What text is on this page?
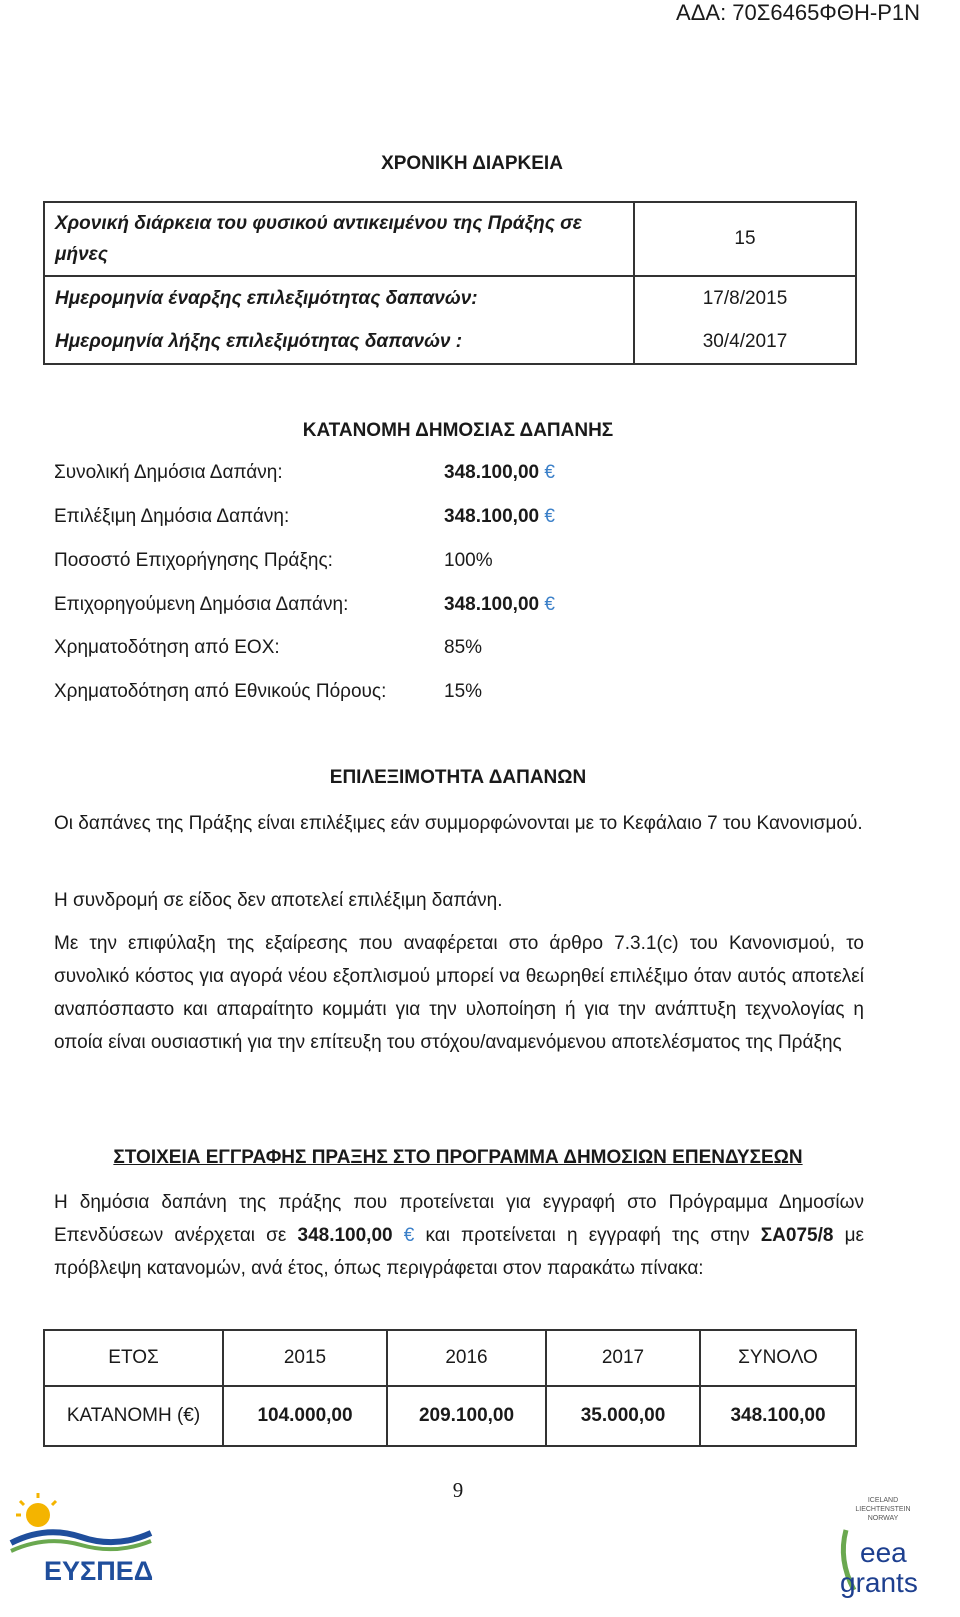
ΑΔΑ: 70Σ6465ΦΘΗ-Ρ1Ν
ΧΡΟΝΙΚΗ ΔΙΑΡΚΕΙΑ
Χρονική διάρκεια του φυσικού αντικειμένου της Πράξης σε μήνες	15
Ημερομηνία έναρξης επιλεξιμότητας δαπανών:	17/8/2015
Ημερομηνία λήξης επιλεξιμότητας δαπανών :	30/4/2017
ΚΑΤΑΝΟΜΗ ΔΗΜΟΣΙΑΣ ΔΑΠΑΝΗΣ
Συνολική Δημόσια Δαπάνη:	348.100,00 €
Επιλέξιμη Δημόσια Δαπάνη:	348.100,00 €
Ποσοστό Επιχορήγησης Πράξης:	100%
Επιχορηγούμενη Δημόσια Δαπάνη:	348.100,00 €
Χρηματοδότηση από ΕΟΧ:	85%
Χρηματοδότηση από Εθνικούς Πόρους:	15%
ΕΠΙΛΕΞΙΜΟΤΗΤΑ ΔΑΠΑΝΩΝ
Οι δαπάνες της Πράξης είναι επιλέξιμες εάν συμμορφώνονται με το Κεφάλαιο 7 του Κανονισμού.
Η συνδρομή σε είδος δεν αποτελεί επιλέξιμη δαπάνη.
Με την επιφύλαξη της εξαίρεσης που αναφέρεται στο άρθρο 7.3.1(c) του Κανονισμού, το συνολικό κόστος για αγορά νέου εξοπλισμού μπορεί να θεωρηθεί επιλέξιμο όταν αυτός αποτελεί αναπόσπαστο και απαραίτητο κομμάτι για την υλοποίηση ή για την ανάπτυξη τεχνολογίας η οποία είναι ουσιαστική για την επίτευξη του στόχου/αναμενόμενου αποτελέσματος της Πράξης
ΣΤΟΙΧΕΙΑ ΕΓΓΡΑΦΗΣ ΠΡΑΞΗΣ ΣΤΟ ΠΡΟΓΡΑΜΜΑ ΔΗΜΟΣΙΩΝ ΕΠΕΝΔΥΣΕΩΝ
Η δημόσια δαπάνη της πράξης που προτείνεται για εγγραφή στο Πρόγραμμα Δημοσίων Επενδύσεων ανέρχεται σε 348.100,00 € και προτείνεται η εγγραφή της στην ΣΑ075/8 με πρόβλεψη κατανομών, ανά έτος, όπως περιγράφεται στον παρακάτω πίνακα:
ΕΤΟΣ	2015	2016	2017	ΣΥΝΟΛΟ
ΚΑΤΑΝΟΜΗ (€)	104.000,00	209.100,00	35.000,00	348.100,00
9
ΕΥΣΠΕΔ
ICELAND
LIECHTENSTEIN
NORWAY
eea
grants
